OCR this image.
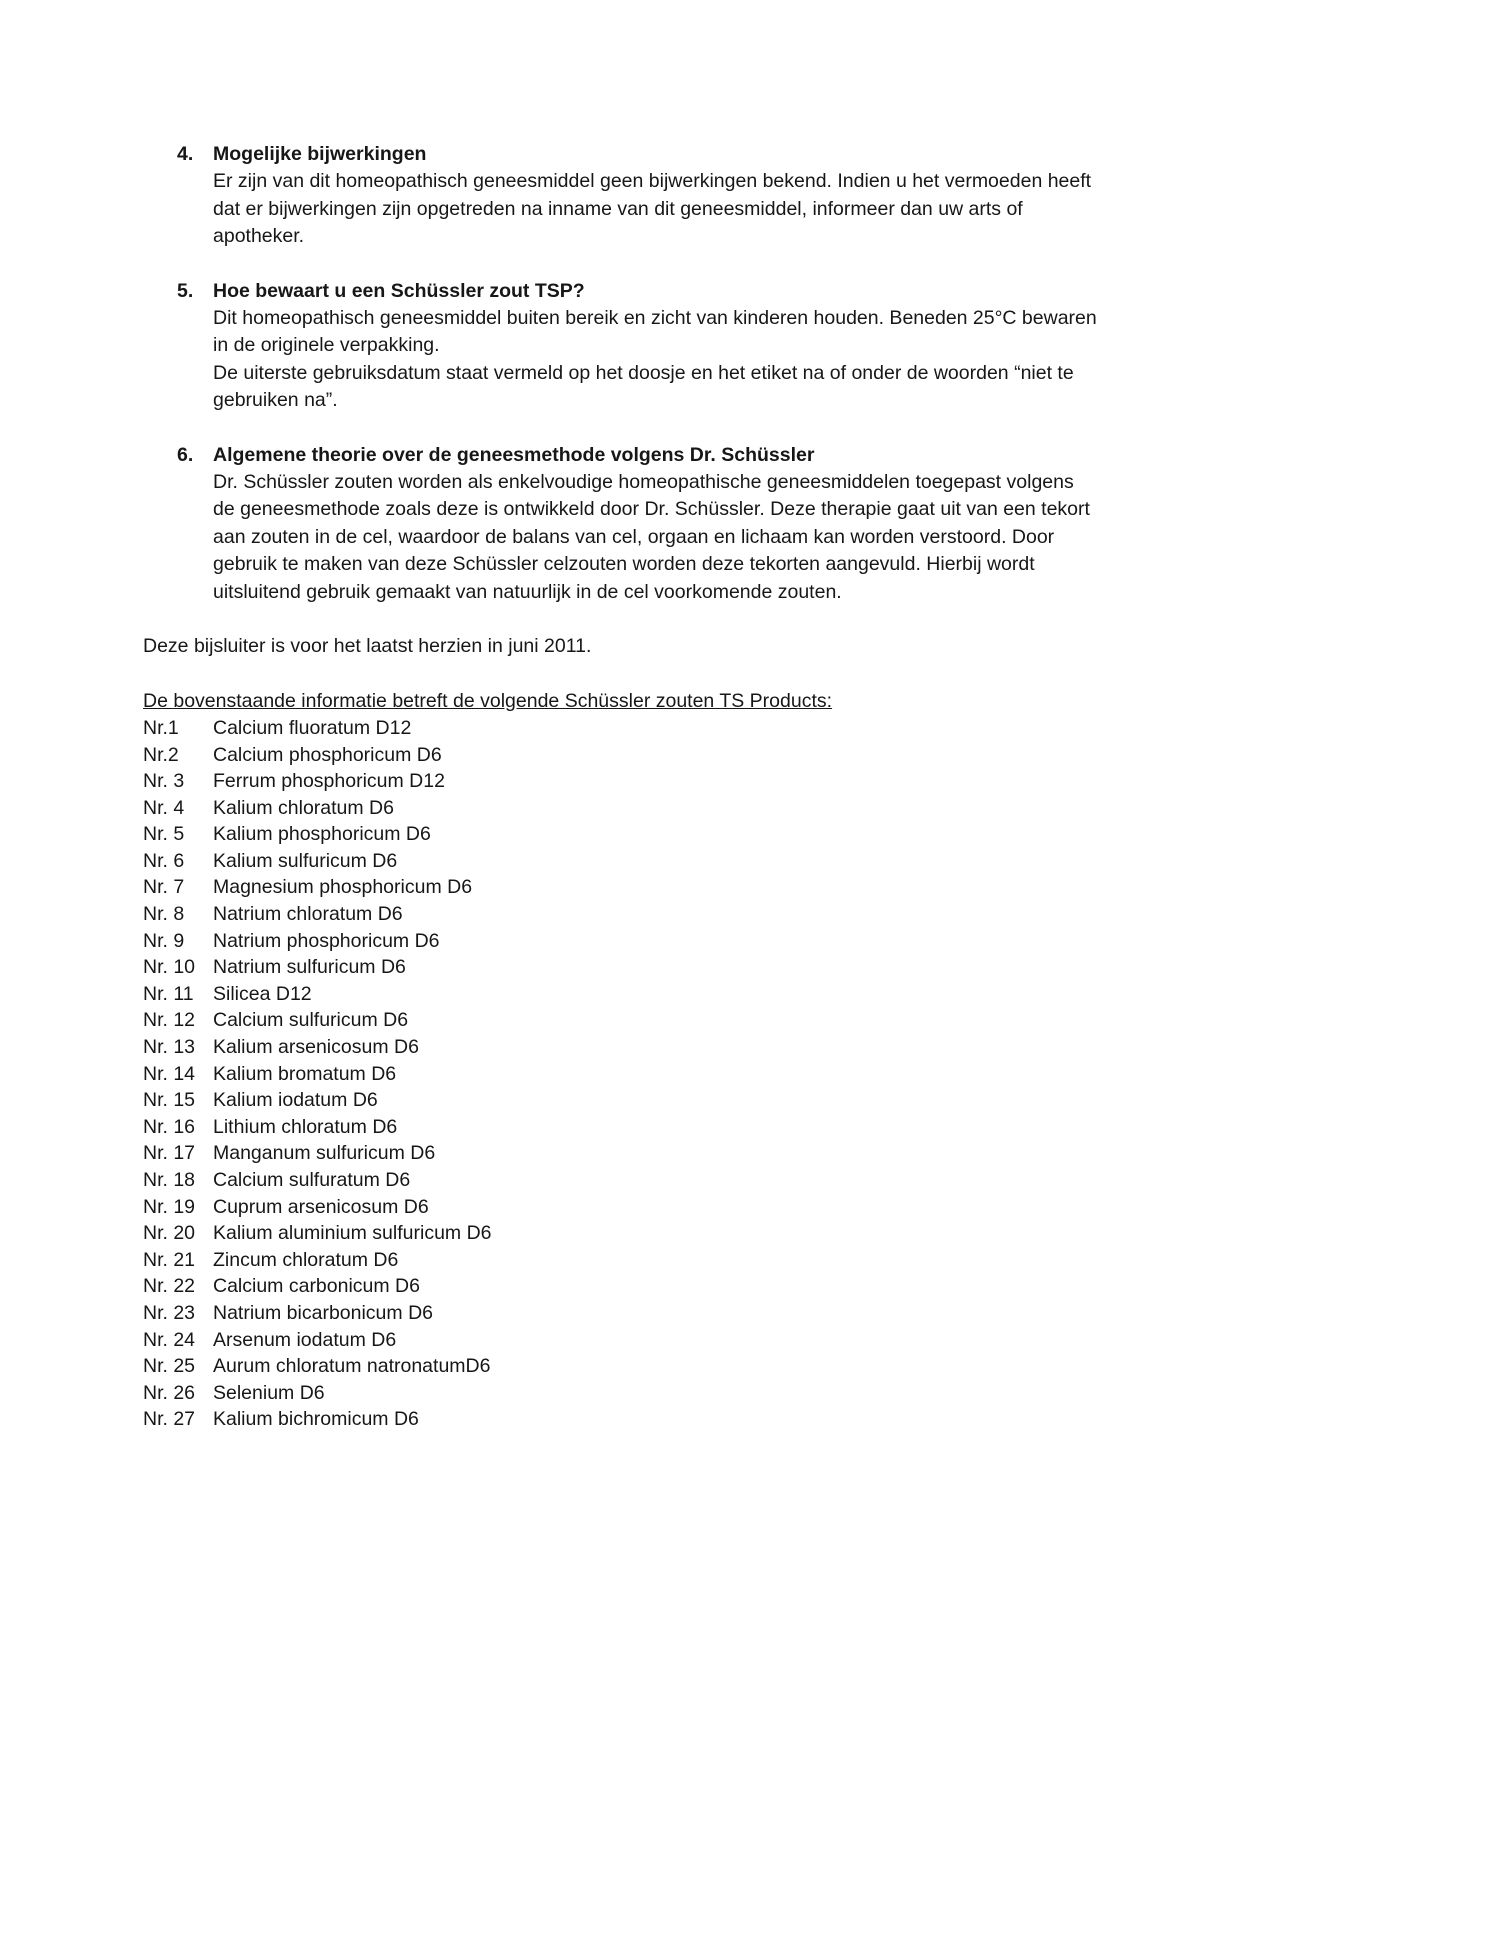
4.	Mogelijke bijwerkingen

Er zijn van dit homeopathisch geneesmiddel geen bijwerkingen bekend. Indien u het vermoeden heeft dat er bijwerkingen zijn opgetreden na inname van dit geneesmiddel, informeer dan uw arts of apotheker.

5.	Hoe bewaart u een Schüssler zout TSP?

Dit homeopathisch geneesmiddel buiten bereik en zicht van kinderen houden. Beneden 25°C bewaren in de originele verpakking.

De uiterste gebruiksdatum staat vermeld op het doosje en het etiket na of onder de woorden “niet te gebruiken na”.

6.	Algemene theorie over de geneesmethode volgens Dr. Schüssler

Dr. Schüssler zouten worden als enkelvoudige homeopathische geneesmiddelen toegepast volgens de geneesmethode zoals deze is ontwikkeld door Dr. Schüssler. Deze therapie gaat uit van een tekort aan zouten in de cel, waardoor de balans van cel, orgaan en lichaam kan worden verstoord. Door gebruik te maken van deze Schüssler celzouten worden deze tekorten aangevuld. Hierbij wordt uitsluitend gebruik gemaakt van natuurlijk in de cel voorkomende zouten.

Deze bijsluiter is voor het laatst herzien in juni 2011.

De bovenstaande informatie betreft de volgende Schüssler zouten TS Products:

Nr.1	Calcium fluoratum D12
Nr.2	Calcium phosphoricum D6
Nr. 3	Ferrum phosphoricum D12
Nr. 4	Kalium chloratum D6
Nr. 5	Kalium phosphoricum D6
Nr. 6	Kalium sulfuricum D6
Nr. 7	Magnesium phosphoricum D6
Nr. 8	Natrium chloratum D6
Nr. 9	Natrium phosphoricum D6
Nr. 10 Natrium sulfuricum D6
Nr. 11 Silicea D12
Nr. 12 Calcium sulfuricum D6
Nr. 13 Kalium arsenicosum D6
Nr. 14 Kalium bromatum D6
Nr. 15 Kalium iodatum D6
Nr. 16 Lithium chloratum D6
Nr. 17 Manganum sulfuricum D6
Nr. 18 Calcium sulfuratum D6
Nr. 19 Cuprum arsenicosum D6
Nr. 20 Kalium aluminium sulfuricum D6
Nr. 21 Zincum chloratum D6
Nr. 22 Calcium carbonicum D6
Nr. 23 Natrium bicarbonicum D6
Nr. 24 Arsenum iodatum D6
Nr. 25 Aurum chloratum natronatumD6
Nr. 26 Selenium D6
Nr. 27 Kalium bichromicum D6
